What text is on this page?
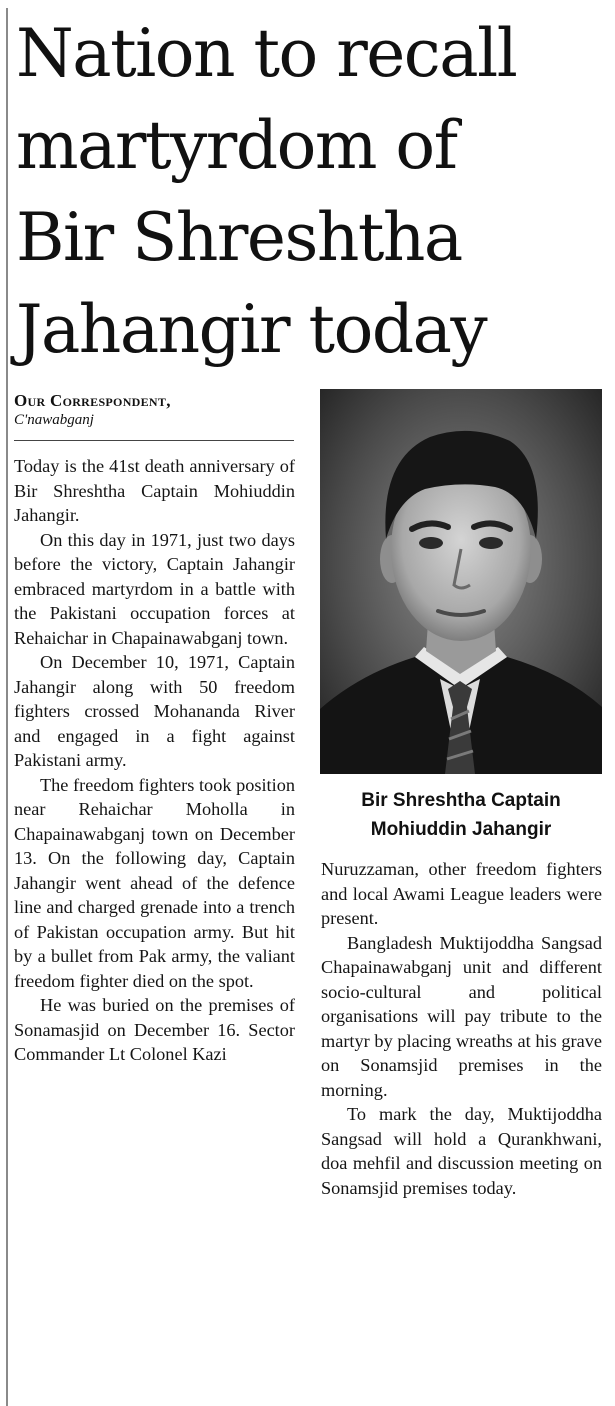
Nation to recall
martyrdom of
Bir Shreshtha
Jahangir today
Our Correspondent,
C'nawabganj

Today is the 41st death anniversary of Bir Shreshtha Captain Mohiuddin Jahangir.

On this day in 1971, just two days before the victory, Captain Jahangir embraced martyrdom in a battle with the Pakistani occupation forces at Rehaichar in Chapainawabganj town.

On December 10, 1971, Captain Jahangir along with 50 freedom fighters crossed Mohananda River and engaged in a fight against Pakistani army.

The freedom fighters took position near Rehaichar Moholla in Chapainawabganj town on December 13. On the following day, Captain Jahangir went ahead of the defence line and charged grenade into a trench of Pakistan occupation army. But hit by a bullet from Pak army, the valiant freedom fighter died on the spot.

He was buried on the premises of Sonamasjid on December 16. Sector Commander Lt Colonel Kazi

Bir Shreshtha Captain
Mohiuddin Jahangir

Nuruzzaman, other freedom fighters and local Awami League leaders were present.

Bangladesh Muktijoddha Sangsad Chapainawabganj unit and different socio-cultural and political organisations will pay tribute to the martyr by placing wreaths at his grave on Sonamsjid premises in the morning.

To mark the day, Muktijoddha Sangsad will hold a Qurankhwani, doa mehfil and discussion meeting on Sonamsjid premises today.
